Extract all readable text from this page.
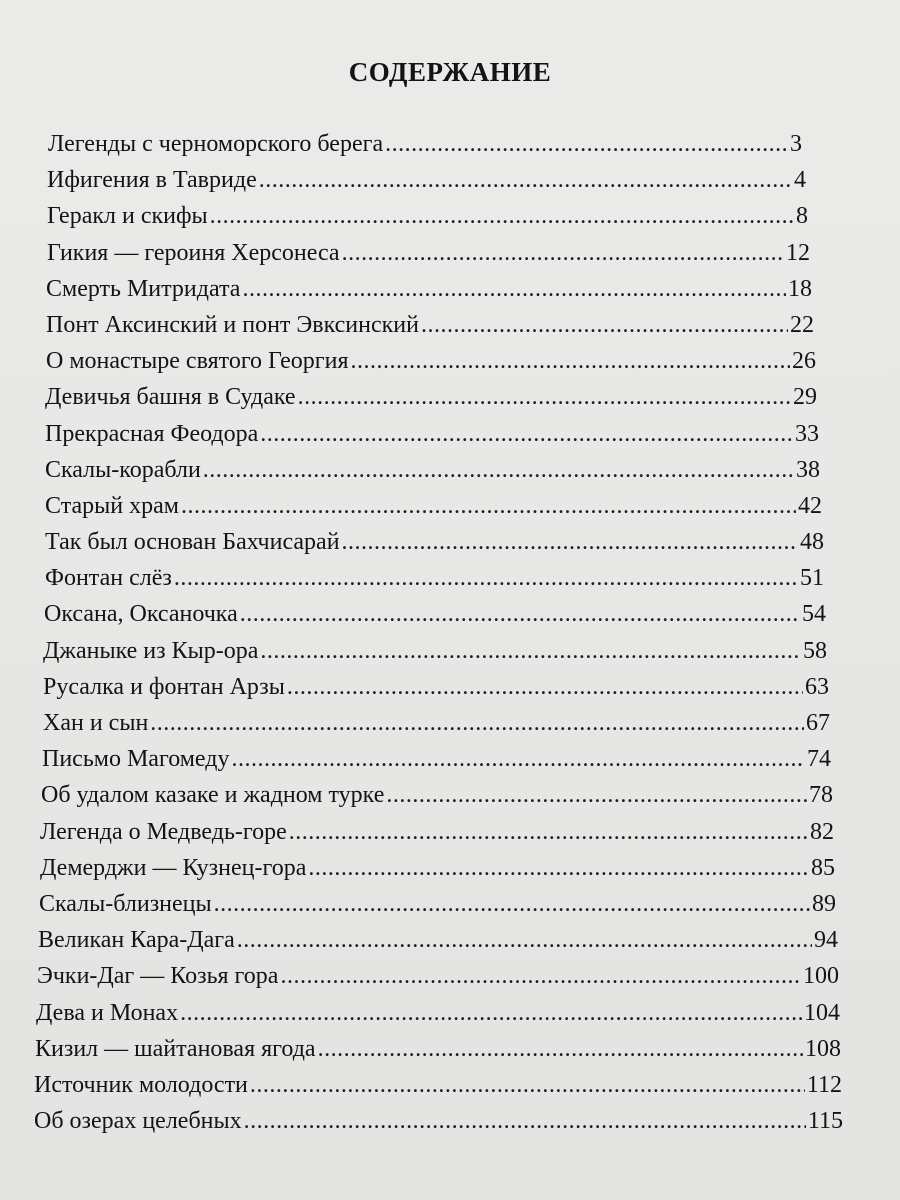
СОДЕРЖАНИЕ
Легенды с черноморского берега .....	3
Ифигения в Тавриде .....	4
Геракл и скифы .....	8
Гикия — героиня Херсонеса .....	12
Смерть Митридата .....	18
Понт Аксинский и понт Эвксинский .....	22
О монастыре святого Георгия .....	26
Девичья башня в Судаке .....	29
Прекрасная Феодора .....	33
Скалы-корабли .....	38
Старый храм .....	42
Так был основан Бахчисарай .....	48
Фонтан слёз .....	51
Оксана, Оксаночка .....	54
Джаныке из Кыр-ора .....	58
Русалка и фонтан Арзы .....	63
Хан и сын .....	67
Письмо Магомеду .....	74
Об удалом казаке и жадном турке .....	78
Легенда о Медведь-горе .....	82
Демерджи — Кузнец-гора .....	85
Скалы-близнецы .....	89
Великан Кара-Дага .....	94
Эчки-Даг — Козья гора .....	100
Дева и Монах .....	104
Кизил — шайтановая ягода .....	108
Источник молодости .....	112
Об озерах целебных .....	115
